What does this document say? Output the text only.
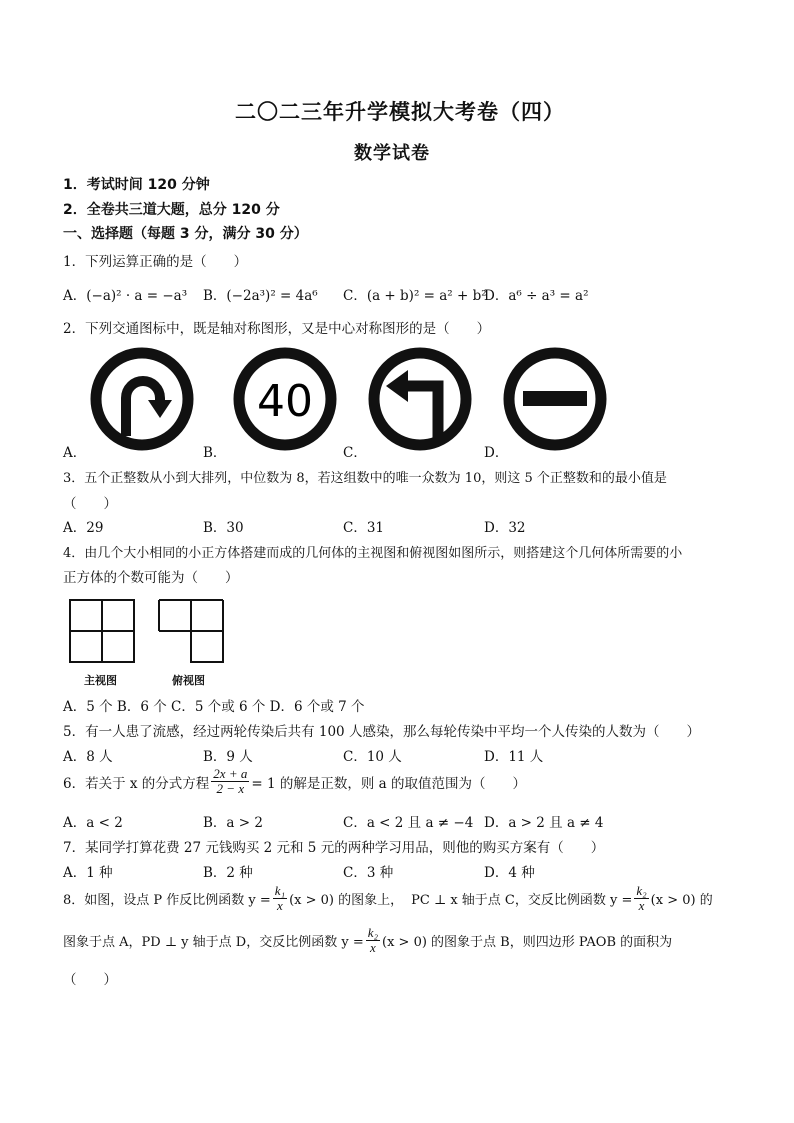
二〇二三年升学模拟大考卷（四）
数学试卷
1．考试时间 120 分钟
2．全卷共三道大题，总分 120 分
一、选择题（每题 3 分，满分 30 分）
1．下列运算正确的是（　　）
A．(−a)² · a = −a³ B．(−2a³)² = 4a⁶ C．(a + b)² = a² + b²
D．a⁶ ÷ a³ = a²
2．下列交通图标中，既是轴对称图形，又是中心对称图形的是（　　）
40
A．	B．	C．	D．
3．五个正整数从小到大排列，中位数为 8，若这组数中的唯一众数为 10，则这 5 个正整数和的最小值是
（　　）
A．29	B．30	C．31	D．32
4．由几个大小相同的小正方体搭建而成的几何体的主视图和俯视图如图所示，则搭建这个几何体所需要的小
正方体的个数可能为（　　）
主视图	俯视图
A．5 个 B．6 个 C．5 个或 6 个 D．6 个或 7 个
5．有一人患了流感，经过两轮传染后共有 100 人感染，那么每轮传染中平均一个人传染的人数为（　　）
A．8 人	B．9 人	C．10 人	D．11 人
6．若关于 x 的分式方程 $\frac{2x + a}{2 - x} = 1$ 的解是正数，则 a 的取值范围为（　　）
A．a < 2	B．a > 2	C．a < 2 且 a ≠ −4 D．a > 2 且 a ≠ 4
7．某同学打算花费 27 元钱购买 2 元和 5 元的两种学习用品，则他的购买方案有（　　）
A．1 种	B．2 种	C．3 种	D．4 种
8．如图，设点 P 作反比例函数 $y = \frac{\text{k₁}}{x} (x > 0)$ 的图象上， PC ⊥ x 轴于点 C，交反比例函数 $y = \frac{\text{k₂}}{x} (x > 0)$ 的
图象于点 A，PD ⊥ y 轴于点 D，交反比例函数 $y = \frac{\text{k₂}}{x} (x > 0)$ 的图象于点 B，则四边形 PAOB 的面积为
（　　）
